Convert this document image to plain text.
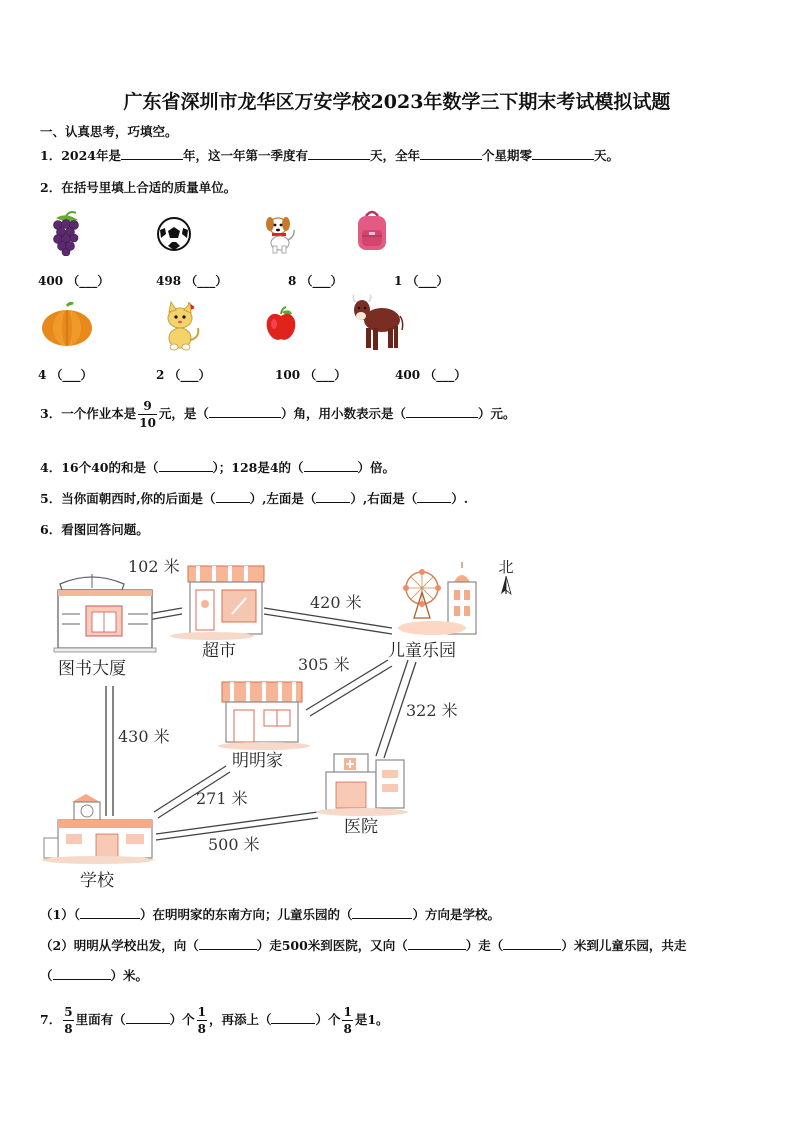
广东省深圳市龙华区万安学校2023年数学三下期末考试模拟试题
一、认真思考，巧填空。
1．2024年是	年，这一年第一季度有	天，全年	个星期零	天。
2．在括号里填上合适的质量单位。
400 （___）	498 （___）	8 （___）	1 （___）
4 （___）	2 （___）	100 （___）	400 （___）
3．一个作业本是 $\frac{9}{10}$ 元，是（	）角，用小数表示是（	）元。
4．16个40的和是（	）；128是4的（	）倍。
5．当你面朝西时,你的后面是（	）,左面是（	）,右面是（	）.
6．看图回答问题。
北
图书大厦
超市	儿童乐园
明明家
医院
学校
102 米
420 米
305 米
430 米
322 米
271 米
500 米
（1）（	）在明明家的东南方向；儿童乐园的（	）方向是学校。
（2）明明从学校出发，向（	）走500米到医院，又向（	）走（	）米到儿童乐园，共走
（	）米。
7． $\frac{5}{8}$ 里面有（	）个 $\frac{1}{8}$ ，再添上（	）个 $\frac{1}{8}$ 是1。
